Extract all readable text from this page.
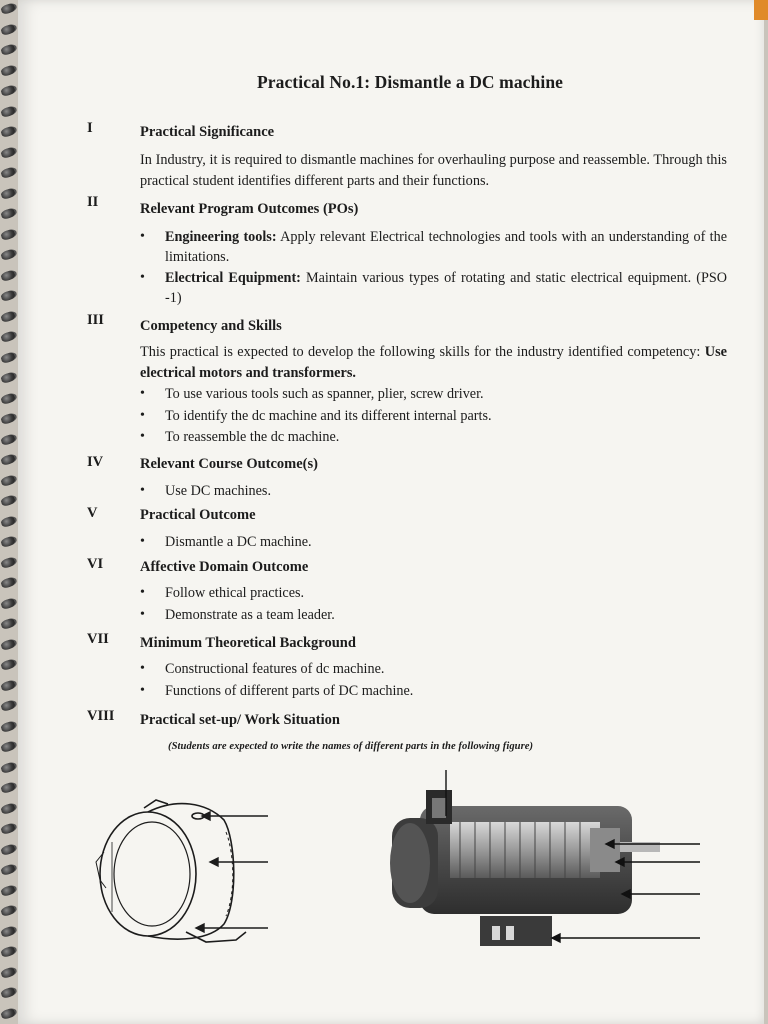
Practical No.1: Dismantle a DC machine
I	Practical Significance
In Industry, it is required to dismantle machines for overhauling purpose and reassemble. Through this practical student identifies different parts and their functions.
II	Relevant Program Outcomes (POs)
• Engineering tools: Apply relevant Electrical technologies and tools with an understanding of the limitations.
• Electrical Equipment: Maintain various types of rotating and static electrical equipment. (PSO -1)
III Competency and Skills
This practical is expected to develop the following skills for the industry identified competency: Use electrical motors and transformers.
• To use various tools such as spanner, plier, screw driver.
• To identify the dc machine and its different internal parts.
• To reassemble the dc machine.
IV	Relevant Course Outcome(s)
• Use DC machines.
V	Practical Outcome
• Dismantle a DC machine.
VI	Affective Domain Outcome
• Follow ethical practices.
• Demonstrate as a team leader.
VII Minimum Theoretical Background
• Constructional features of dc machine.
• Functions of different parts of DC machine.
VIII Practical set-up/ Work Situation
(Students are expected to write the names of different parts in the following figure)
